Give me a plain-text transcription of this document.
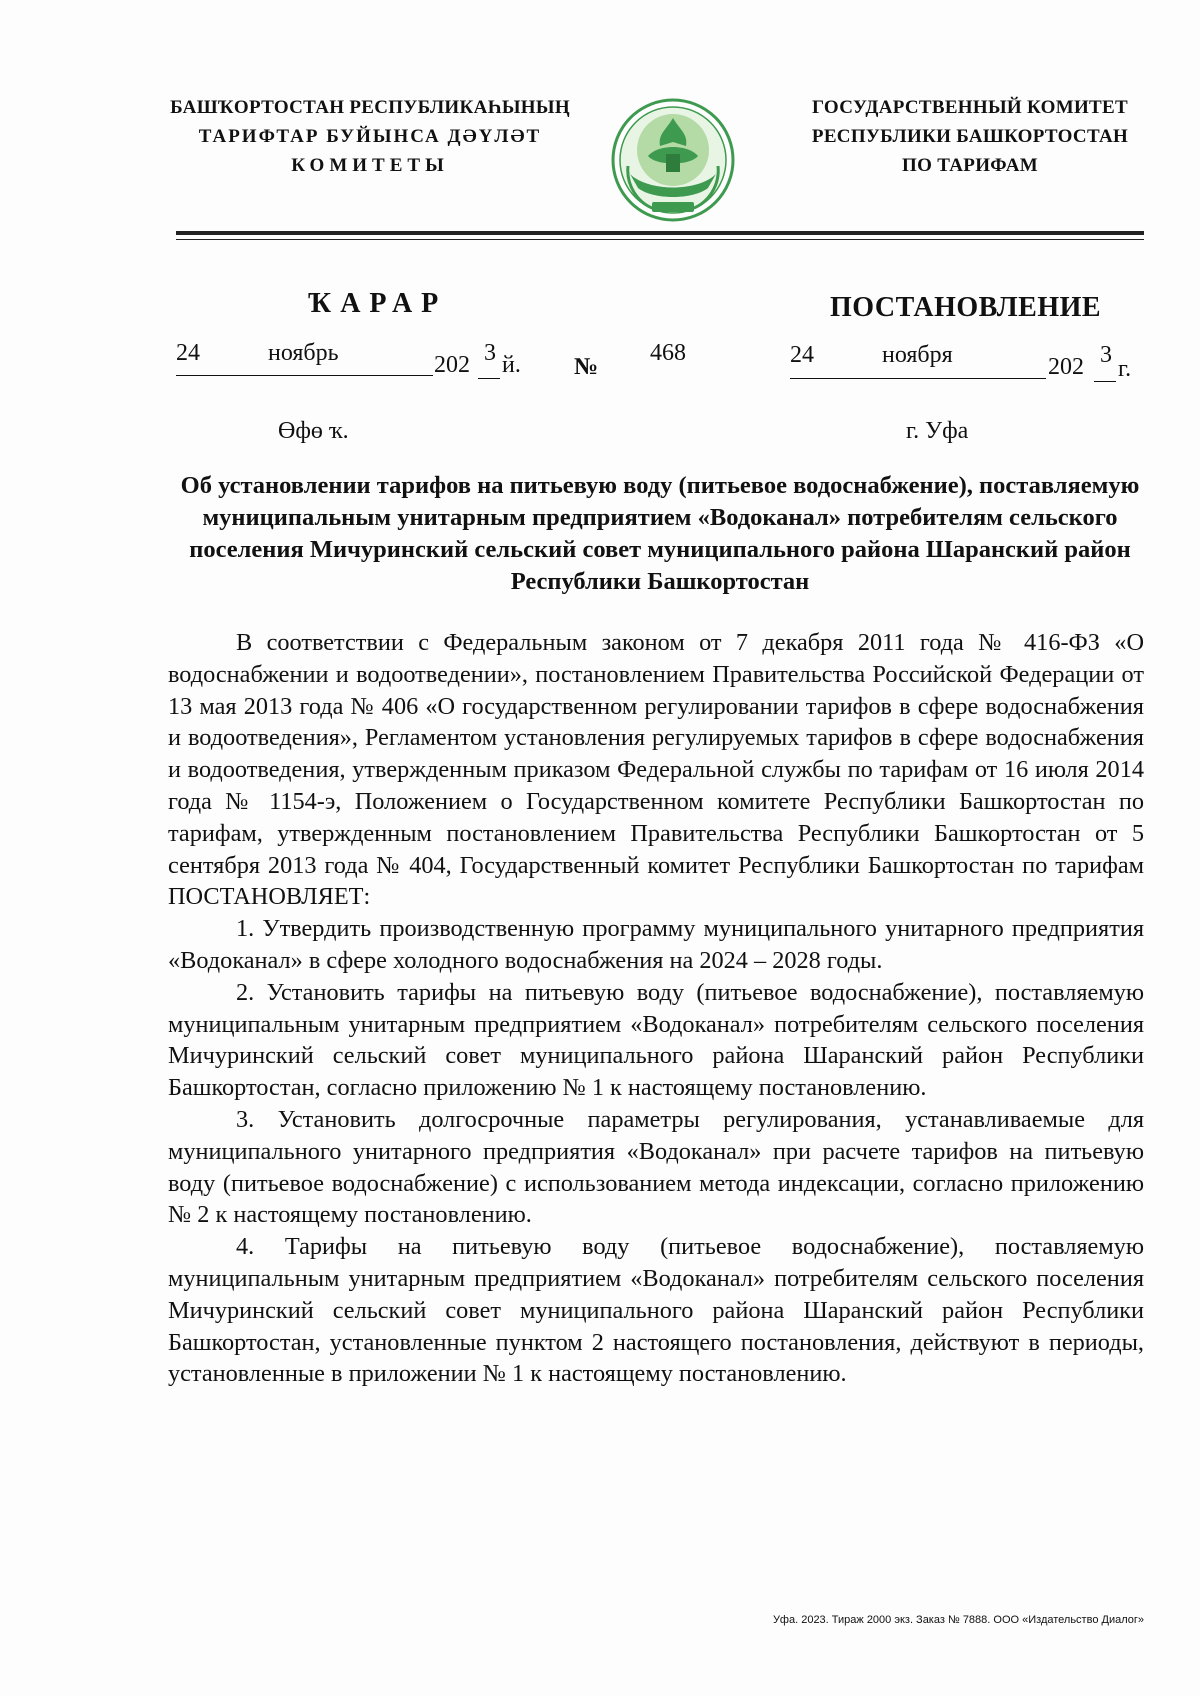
БАШҠОРТОСТАН РЕСПУБЛИКАҺЫНЫҢ
ТАРИФТАР БУЙЫНСА ДӘҮЛӘТ
КОМИТЕТЫ
ГОСУДАРСТВЕННЫЙ КОМИТЕТ
РЕСПУБЛИКИ БАШКОРТОСТАН
ПО ТАРИФАМ
ҠАРАР	ПОСТАНОВЛЕНИЕ
24	ноябрь	202 3 й. №
468	24	ноября	202 3
г.
Өфө ҡ.	г. Уфа
Об установлении тарифов на питьевую воду (питьевое водоснабжение), поставляемую муниципальным унитарным предприятием «Водоканал» потребителям сельского поселения Мичуринский сельский совет муниципального района Шаранский район Республики Башкортостан

В соответствии с Федеральным законом от 7 декабря 2011 года № 416-ФЗ «О водоснабжении и водоотведении», постановлением Правительства Российской Федерации от 13 мая 2013 года № 406 «О государственном регулировании тарифов в сфере водоснабжения и водоотведения», Регламентом установления регулируемых тарифов в сфере водоснабжения и водоотведения, утвержденным приказом Федеральной службы по тарифам от 16 июля 2014 года № 1154-э, Положением о Государственном комитете Республики Башкортостан по тарифам, утвержденным постановлением Правительства Республики Башкортостан от 5 сентября 2013 года № 404, Государственный комитет Республики Башкортостан по тарифам

ПОСТАНОВЛЯЕТ:

1. Утвердить производственную программу муниципального унитарного предприятия «Водоканал» в сфере холодного водоснабжения на 2024 – 2028 годы.

2. Установить тарифы на питьевую воду (питьевое водоснабжение), поставляемую муниципальным унитарным предприятием «Водоканал» потребителям сельского поселения Мичуринский сельский совет муниципального района Шаранский район Республики Башкортостан, согласно приложению № 1 к настоящему постановлению.

3. Установить долгосрочные параметры регулирования, устанавливаемые для муниципального унитарного предприятия «Водоканал» при расчете тарифов на питьевую воду (питьевое водоснабжение) с использованием метода индексации, согласно приложению № 2 к настоящему постановлению.

4. Тарифы на питьевую воду (питьевое водоснабжение), поставляемую муниципальным унитарным предприятием «Водоканал» потребителям сельского поселения Мичуринский сельский совет муниципального района Шаранский район Республики Башкортостан, установленные пунктом 2 настоящего постановления, действуют в периоды, установленные в приложении № 1 к настоящему постановлению.

Уфа. 2023. Тираж 2000 экз. Заказ № 7888. ООО «Издательство Диалог»
